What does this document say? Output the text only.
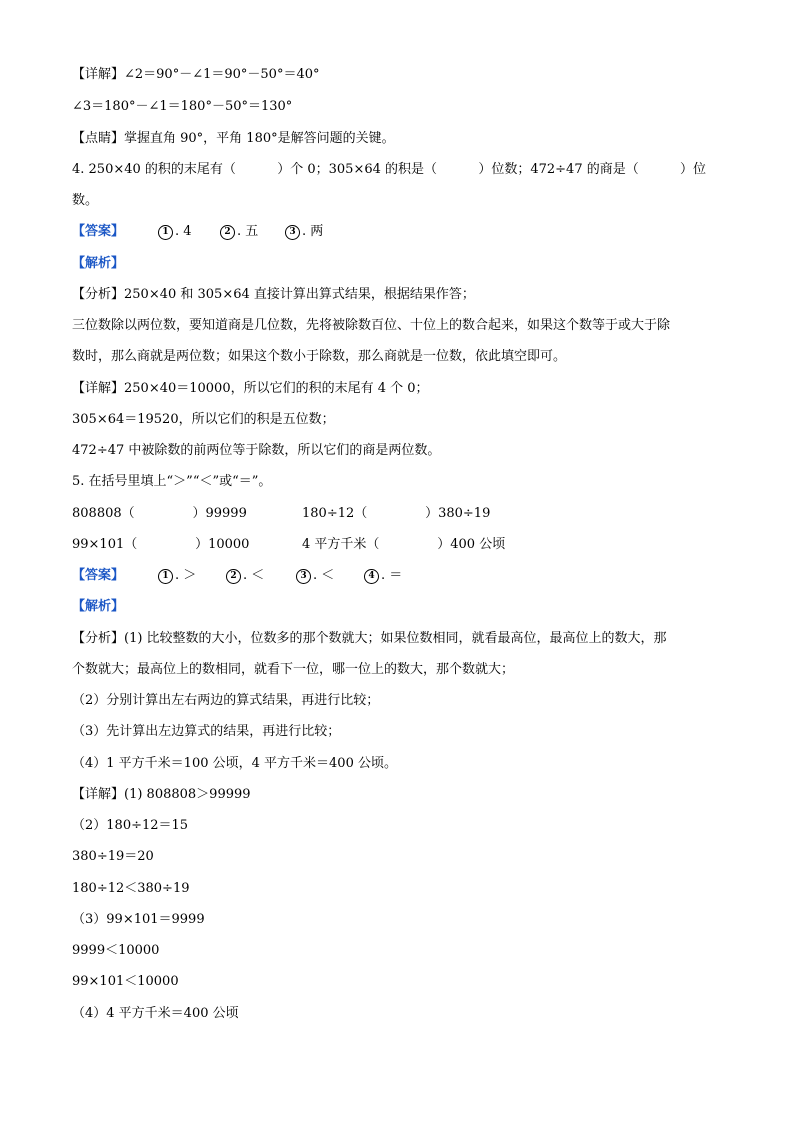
【详解】∠2＝90°－∠1＝90°－50°＝40°
∠3＝180°－∠1＝180°－50°＝130°
【点睛】掌握直角 90°，平角 180°是解答问题的关键。
4. 250×40 的积的末尾有（          ）个 0；305×64 的积是（          ）位数；472÷47 的商是（          ）位
数。
【答案】	1 . 4	2 . 五	3 . 两
【解析】
【分析】250×40 和 305×64 直接计算出算式结果，根据结果作答；
三位数除以两位数，要知道商是几位数，先将被除数百位、十位上的数合起来，如果这个数等于或大于除
数时，那么商就是两位数；如果这个数小于除数，那么商就是一位数，依此填空即可。
【详解】250×40＝10000，所以它们的积的末尾有 4 个 0；
305×64＝19520，所以它们的积是五位数；
472÷47 中被除数的前两位等于除数，所以它们的商是两位数。
5. 在括号里填上“＞”“＜”或“＝”。
808808（              ）99999	180÷12（              ）380÷19
99×101（              ）10000	4 平方千米（              ）400 公顷
【答案】	1 . ＞	2 . ＜	3 . ＜	4 . ＝
【解析】
【分析】(1) 比较整数的大小，位数多的那个数就大；如果位数相同，就看最高位，最高位上的数大，那
个数就大；最高位上的数相同，就看下一位，哪一位上的数大，那个数就大；
（2）分别计算出左右两边的算式结果，再进行比较；
（3）先计算出左边算式的结果，再进行比较；
（4）1 平方千米＝100 公顷，4 平方千米＝400 公顷。
【详解】(1) 808808＞99999
（2）180÷12＝15
380÷19＝20
180÷12＜380÷19
（3）99×101＝9999
9999＜10000
99×101＜10000
（4）4 平方千米＝400 公顷
